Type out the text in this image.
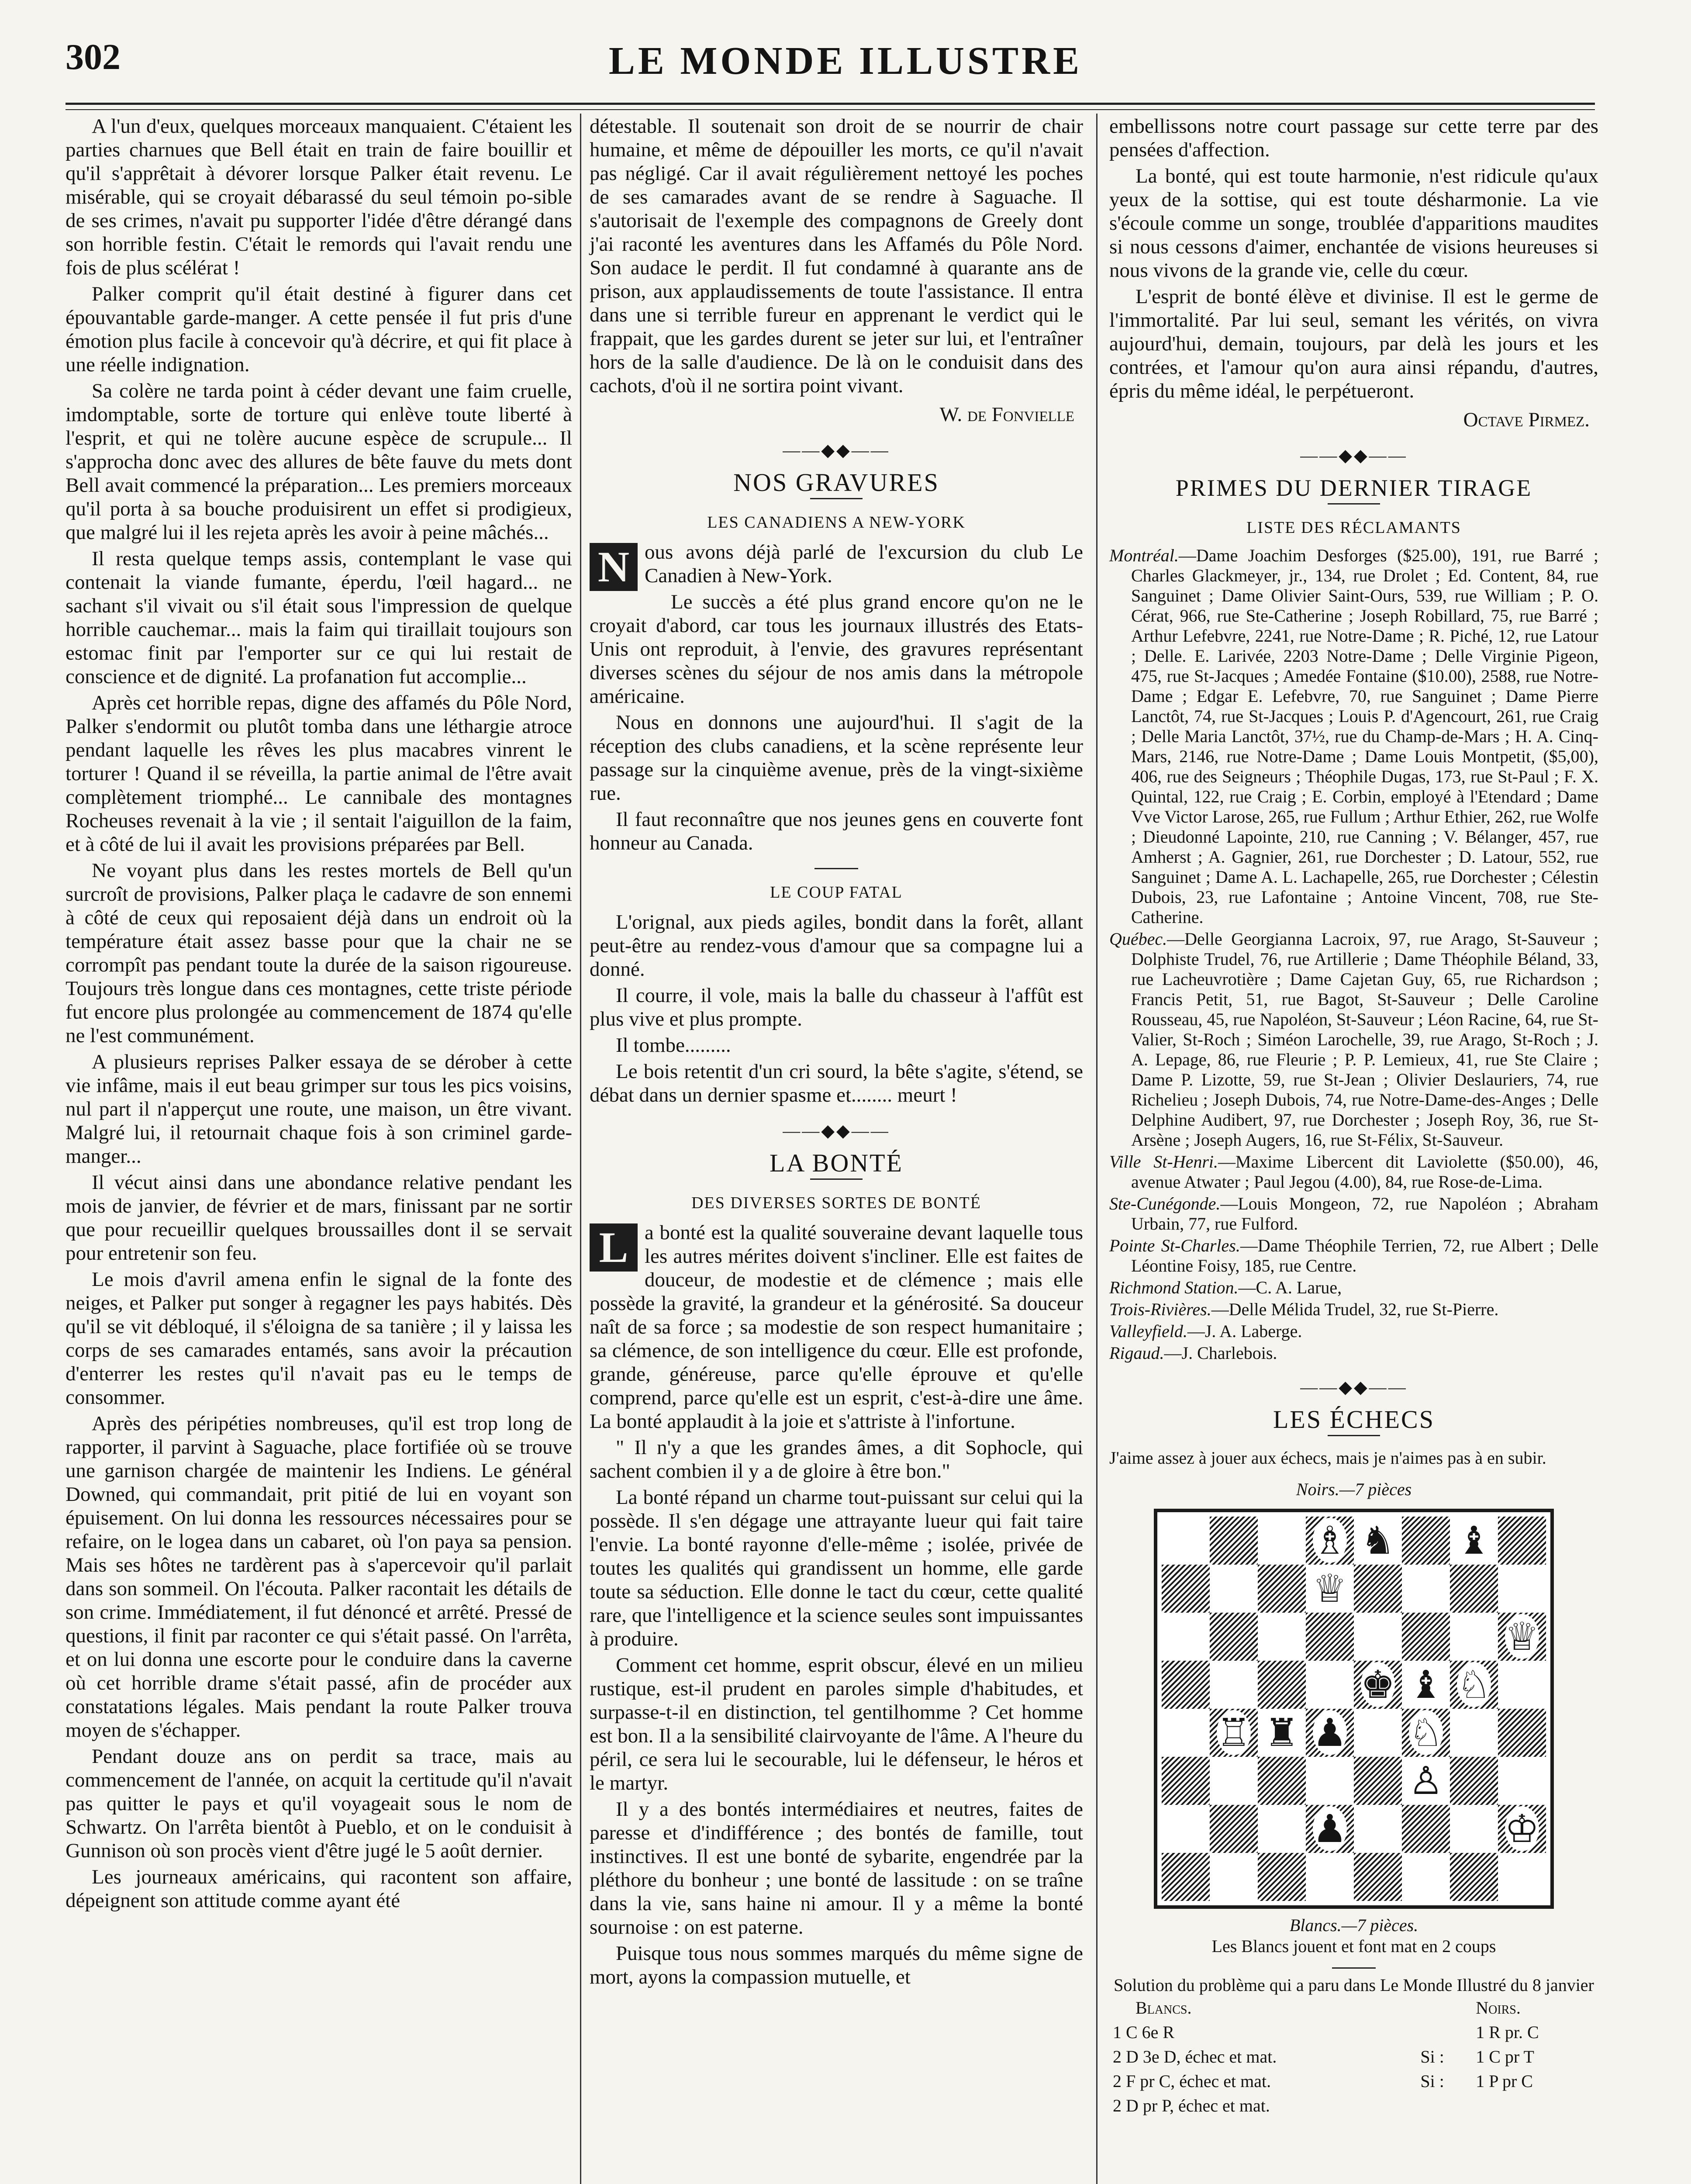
302	LE MONDE ILLUSTRE

A l'un d'eux, quelques morceaux manquaient. C'étaient les parties charnues que Bell était en train de faire bouillir et qu'il s'apprêtait à dévorer lorsque Palker était revenu. Le misérable, qui se croyait débarassé du seul témoin po-sible de ses crimes, n'avait pu supporter l'idée d'être dérangé dans son horrible festin. C'était le remords qui l'avait rendu une fois de plus scélérat !

Palker comprit qu'il était destiné à figurer dans cet épouvantable garde-manger. A cette pensée il fut pris d'une émotion plus facile à concevoir qu'à décrire, et qui fit place à une réelle indignation.

Sa colère ne tarda point à céder devant une faim cruelle, imdomptable, sorte de torture qui enlève toute liberté à l'esprit, et qui ne tolère aucune espèce de scrupule... Il s'approcha donc avec des allures de bête fauve du mets dont Bell avait commencé la préparation... Les premiers morceaux qu'il porta à sa bouche produisirent un effet si prodigieux, que malgré lui il les rejeta après les avoir à peine mâchés...

Il resta quelque temps assis, contemplant le vase qui contenait la viande fumante, éperdu, l'œil hagard... ne sachant s'il vivait ou s'il était sous l'impression de quelque horrible cauchemar... mais la faim qui tiraillait toujours son estomac finit par l'emporter sur ce qui lui restait de conscience et de dignité. La profanation fut accomplie...

Après cet horrible repas, digne des affamés du Pôle Nord, Palker s'endormit ou plutôt tomba dans une léthargie atroce pendant laquelle les rêves les plus macabres vinrent le torturer ! Quand il se réveilla, la partie animal de l'être avait complètement triomphé... Le cannibale des montagnes Rocheuses revenait à la vie ; il sentait l'aiguillon de la faim, et à côté de lui il avait les provisions préparées par Bell.

Ne voyant plus dans les restes mortels de Bell qu'un surcroît de provisions, Palker plaça le cadavre de son ennemi à côté de ceux qui reposaient déjà dans un endroit où la température était assez basse pour que la chair ne se corrompît pas pendant toute la durée de la saison rigoureuse. Toujours très longue dans ces montagnes, cette triste période fut encore plus prolongée au commencement de 1874 qu'elle ne l'est communément.

A plusieurs reprises Palker essaya de se dérober à cette vie infâme, mais il eut beau grimper sur tous les pics voisins, nul part il n'apperçut une route, une maison, un être vivant. Malgré lui, il retournait chaque fois à son criminel garde-manger...

Il vécut ainsi dans une abondance relative pendant les mois de janvier, de février et de mars, finissant par ne sortir que pour recueillir quelques broussailles dont il se servait pour entretenir son feu.

Le mois d'avril amena enfin le signal de la fonte des neiges, et Palker put songer à regagner les pays habités. Dès qu'il se vit débloqué, il s'éloigna de sa tanière ; il y laissa les corps de ses camarades entamés, sans avoir la précaution d'enterrer les restes qu'il n'avait pas eu le temps de consommer.

Après des péripéties nombreuses, qu'il est trop long de rapporter, il parvint à Saguache, place fortifiée où se trouve une garnison chargée de maintenir les Indiens. Le général Downed, qui commandait, prit pitié de lui en voyant son épuisement. On lui donna les ressources nécessaires pour se refaire, on le logea dans un cabaret, où l'on paya sa pension. Mais ses hôtes ne tardèrent pas à s'apercevoir qu'il parlait dans son sommeil. On l'écouta. Palker racontait les détails de son crime. Immédiatement, il fut dénoncé et arrêté. Pressé de questions, il finit par raconter ce qui s'était passé. On l'arrêta, et on lui donna une escorte pour le conduire dans la caverne où cet horrible drame s'était passé, afin de procéder aux constatations légales. Mais pendant la route Palker trouva moyen de s'échapper.

Pendant douze ans on perdit sa trace, mais au commencement de l'année, on acquit la certitude qu'il n'avait pas quitter le pays et qu'il voyageait sous le nom de Schwartz. On l'arrêta bientôt à Pueblo, et on le conduisit à Gunnison où son procès vient d'être jugé le 5 août dernier.

Les journeaux américains, qui racontent son affaire, dépeignent son attitude comme ayant été

détestable. Il soutenait son droit de se nourrir de chair humaine, et même de dépouiller les morts, ce qu'il n'avait pas négligé. Car il avait régulièrement nettoyé les poches de ses camarades avant de se rendre à Saguache. Il s'autorisait de l'exemple des compagnons de Greely dont j'ai raconté les aventures dans les Affamés du Pôle Nord. Son audace le perdit. Il fut condamné à quarante ans de prison, aux applaudissements de toute l'assistance. Il entra dans une si terrible fureur en apprenant le verdict qui le frappait, que les gardes durent se jeter sur lui, et l'entraîner hors de la salle d'audience. De là on le conduisit dans des cachots, d'où il ne sortira point vivant.

W. de Fonvielle
——◆◆——
NOS GRAVURES
LES CANADIENS A NEW-YORK

N ous avons déjà parlé de l'excursion du club Le Canadien à New-York.

Le succès a été plus grand encore qu'on ne le croyait d'abord, car tous les journaux illustrés des Etats-Unis ont reproduit, à l'envie, des gravures représentant diverses scènes du séjour de nos amis dans la métropole américaine.

Nous en donnons une aujourd'hui. Il s'agit de la réception des clubs canadiens, et la scène représente leur passage sur la cinquième avenue, près de la vingt-sixième rue.

Il faut reconnaître que nos jeunes gens en couverte font honneur au Canada.

LE COUP FATAL

L'orignal, aux pieds agiles, bondit dans la forêt, allant peut-être au rendez-vous d'amour que sa compagne lui a donné.

Il courre, il vole, mais la balle du chasseur à l'affût est plus vive et plus prompte.

Il tombe.........

Le bois retentit d'un cri sourd, la bête s'agite, s'étend, se débat dans un dernier spasme et........ meurt !

——◆◆——
LA BONTÉ
DES DIVERSES SORTES DE BONTÉ

L a bonté est la qualité souveraine devant laquelle tous les autres mérites doivent s'incliner. Elle est faites de douceur, de modestie et de clémence ; mais elle possède la gravité, la grandeur et la générosité. Sa douceur naît de sa force ; sa modestie de son respect humanitaire ; sa clémence, de son intelligence du cœur. Elle est profonde, grande, généreuse, parce qu'elle éprouve et qu'elle comprend, parce qu'elle est un esprit, c'est-à-dire une âme. La bonté applaudit à la joie et s'attriste à l'infortune.

" Il n'y a que les grandes âmes, a dit Sophocle, qui sachent combien il y a de gloire à être bon."

La bonté répand un charme tout-puissant sur celui qui la possède. Il s'en dégage une attrayante lueur qui fait taire l'envie. La bonté rayonne d'elle-même ; isolée, privée de toutes les qualités qui grandissent un homme, elle garde toute sa séduction. Elle donne le tact du cœur, cette qualité rare, que l'intelligence et la science seules sont impuissantes à produire.

Comment cet homme, esprit obscur, élevé en un milieu rustique, est-il prudent en paroles simple d'habitudes, et surpasse-t-il en distinction, tel gentilhomme ? Cet homme est bon. Il a la sensibilité clairvoyante de l'âme. A l'heure du péril, ce sera lui le secourable, lui le défenseur, le héros et le martyr.

Il y a des bontés intermédiaires et neutres, faites de paresse et d'indifférence ; des bontés de famille, tout instinctives. Il est une bonté de sybarite, engendrée par la pléthore du bonheur ; une bonté de lassitude : on se traîne dans la vie, sans haine ni amour. Il y a même la bonté sournoise : on est paterne.

Puisque tous nous sommes marqués du même signe de mort, ayons la compassion mutuelle, et

embellissons notre court passage sur cette terre par des pensées d'affection.

La bonté, qui est toute harmonie, n'est ridicule qu'aux yeux de la sottise, qui est toute désharmonie. La vie s'écoule comme un songe, troublée d'apparitions maudites si nous cessons d'aimer, enchantée de visions heureuses si nous vivons de la grande vie, celle du cœur.

L'esprit de bonté élève et divinise. Il est le germe de l'immortalité. Par lui seul, semant les vérités, on vivra aujourd'hui, demain, toujours, par delà les jours et les contrées, et l'amour qu'on aura ainsi répandu, d'autres, épris du même idéal, le perpétueront.

Octave Pirmez.
——◆◆——
PRIMES DU DERNIER TIRAGE
LISTE DES RÉCLAMANTS

Montréal.—Dame Joachim Desforges ($25.00), 191, rue Barré ; Charles Glackmeyer, jr., 134, rue Drolet ; Ed. Content, 84, rue Sanguinet ; Dame Olivier Saint-Ours, 539, rue William ; P. O. Cérat, 966, rue Ste-Catherine ; Joseph Robillard, 75, rue Barré ; Arthur Lefebvre, 2241, rue Notre-Dame ; R. Piché, 12, rue Latour ; Delle. E. Larivée, 2203 Notre-Dame ; Delle Virginie Pigeon, 475, rue St-Jacques ; Amedée Fontaine ($10.00), 2588, rue Notre-Dame ; Edgar E. Lefebvre, 70, rue Sanguinet ; Dame Pierre Lanctôt, 74, rue St-Jacques ; Louis P. d'Agencourt, 261, rue Craig ; Delle Maria Lanctôt, 37½, rue du Champ-de-Mars ; H. A. Cinq-Mars, 2146, rue Notre-Dame ; Dame Louis Montpetit, ($5,00), 406, rue des Seigneurs ; Théophile Dugas, 173, rue St-Paul ; F. X. Quintal, 122, rue Craig ; E. Corbin, employé à l'Etendard ; Dame Vve Victor Larose, 265, rue Fullum ; Arthur Ethier, 262, rue Wolfe ; Dieudonné Lapointe, 210, rue Canning ; V. Bélanger, 457, rue Amherst ; A. Gagnier, 261, rue Dorchester ; D. Latour, 552, rue Sanguinet ; Dame A. L. Lachapelle, 265, rue Dorchester ; Célestin Dubois, 23, rue Lafontaine ; Antoine Vincent, 708, rue Ste-Catherine.

Québec.—Delle Georgianna Lacroix, 97, rue Arago, St-Sauveur ; Dolphiste Trudel, 76, rue Artillerie ; Dame Théophile Béland, 33, rue Lacheuvrotière ; Dame Cajetan Guy, 65, rue Richardson ; Francis Petit, 51, rue Bagot, St-Sauveur ; Delle Caroline Rousseau, 45, rue Napoléon, St-Sauveur ; Léon Racine, 64, rue St-Valier, St-Roch ; Siméon Larochelle, 39, rue Arago, St-Roch ; J. A. Lepage, 86, rue Fleurie ; P. P. Lemieux, 41, rue Ste Claire ; Dame P. Lizotte, 59, rue St-Jean ; Olivier Deslauriers, 74, rue Richelieu ; Joseph Dubois, 74, rue Notre-Dame-des-Anges ; Delle Delphine Audibert, 97, rue Dorchester ; Joseph Roy, 36, rue St-Arsène ; Joseph Augers, 16, rue St-Félix, St-Sauveur.

Ville St-Henri.—Maxime Libercent dit Laviolette ($50.00), 46, avenue Atwater ; Paul Jegou (4.00), 84, rue Rose-de-Lima.

Ste-Cunégonde.—Louis Mongeon, 72, rue Napoléon ; Abraham Urbain, 77, rue Fulford.

Pointe St-Charles.—Dame Théophile Terrien, 72, rue Albert ; Delle Léontine Foisy, 185, rue Centre.

Richmond Station.—C. A. Larue,

Trois-Rivières.—Delle Mélida Trudel, 32, rue St-Pierre.

Valleyfield.—J. A. Laberge.

Rigaud.—J. Charlebois.

——◆◆——
LES ÉCHECS

J'aime assez à jouer aux échecs, mais je n'aimes pas à en subir.

Noirs.—7 pièces
♗ ♞ ♝
♕
♕
♚ ♝ ♘
♖ ♜ ♟ ♘
♙
♟	♔
Blancs.—7 pièces.
Les Blancs jouent et font mat en 2 coups
Solution du problème qui a paru dans Le Monde Illustré du 8 janvier
Blancs.		Noirs.
1 C 6e R		1 R pr. C
2 D 3e D, échec et mat.	Si :	1 C pr T
2 F pr C, échec et mat.	Si :	1 P pr C
2 D pr P, échec et mat.		
